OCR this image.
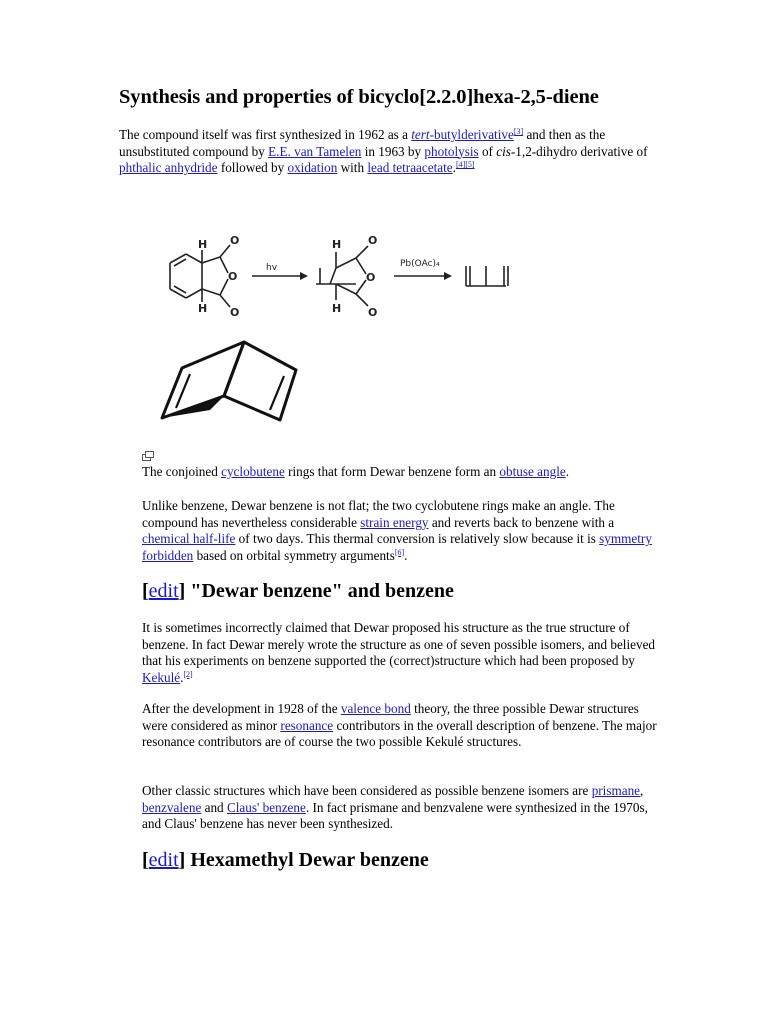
Synthesis and properties of bicyclo[2.2.0]hexa-2,5-diene

The compound itself was first synthesized in 1962 as a tert-butylderivative[3] and then as the unsubstituted compound by E.E. van Tamelen in 1963 by photolysis of cis-1,2-dihydro derivative of phthalic anhydride followed by oxidation with lead tetraacetate.[4][5]

H
H
O
O
O
H
H
O
O
O
hv	Pb(OAc)₄

The conjoined cyclobutene rings that form Dewar benzene form an obtuse angle.

Unlike benzene, Dewar benzene is not flat; the two cyclobutene rings make an angle. The compound has nevertheless considerable strain energy and reverts back to benzene with a chemical half-life of two days. This thermal conversion is relatively slow because it is symmetry forbidden based on orbital symmetry arguments[6].

[edit] "Dewar benzene" and benzene

It is sometimes incorrectly claimed that Dewar proposed his structure as the true structure of benzene. In fact Dewar merely wrote the structure as one of seven possible isomers, and believed that his experiments on benzene supported the (correct)structure which had been proposed by Kekulé.[2]

After the development in 1928 of the valence bond theory, the three possible Dewar structures were considered as minor resonance contributors in the overall description of benzene. The major resonance contributors are of course the two possible Kekulé structures.

Other classic structures which have been considered as possible benzene isomers are prismane, benzvalene and Claus' benzene. In fact prismane and benzvalene were synthesized in the 1970s, and Claus' benzene has never been synthesized.

[edit] Hexamethyl Dewar benzene
